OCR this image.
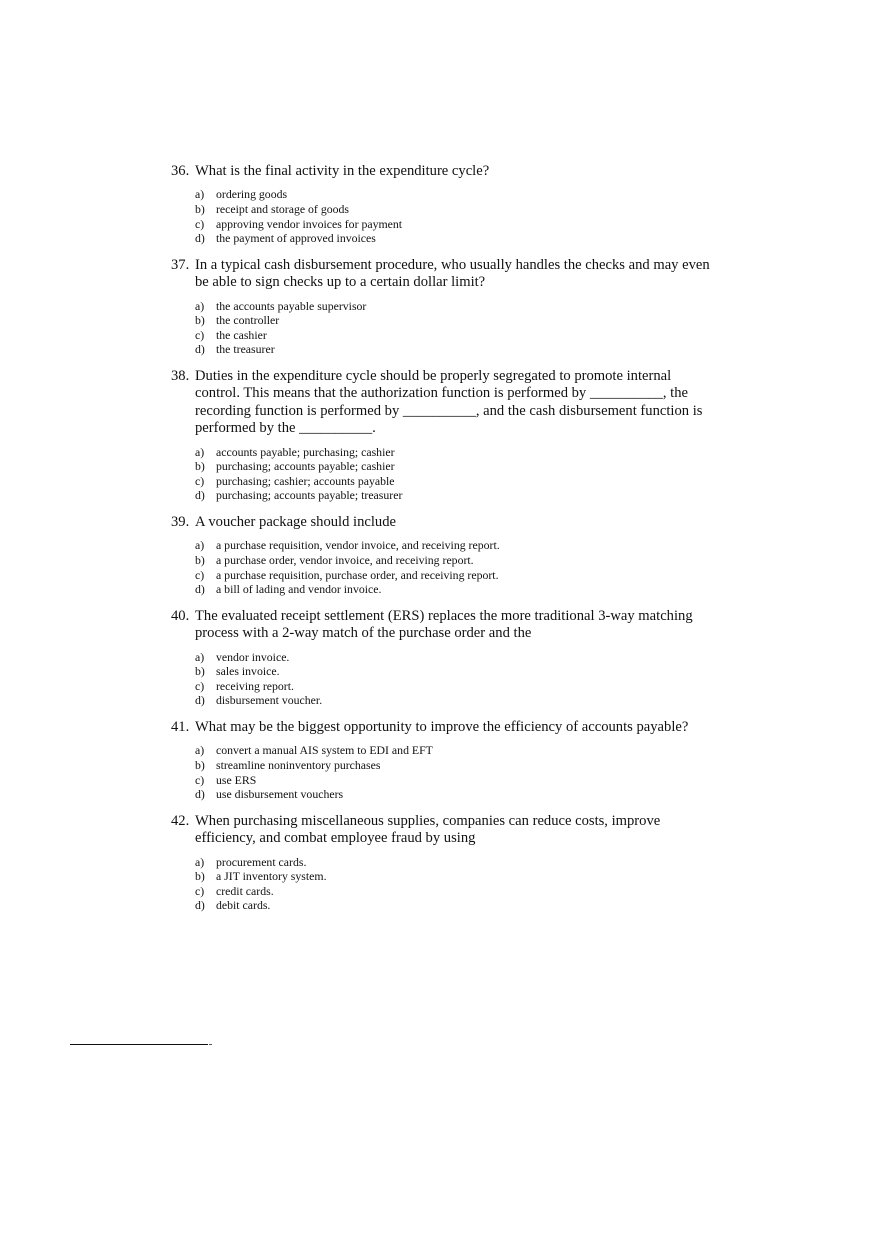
36. What is the final activity in the expenditure cycle?
a)	ordering goods
b) receipt and storage of goods
c)	approving vendor invoices for payment
d) the payment of approved invoices
37. In a typical cash disbursement procedure, who usually handles the checks and may even be able to sign checks up to a certain dollar limit?
a)	the accounts payable supervisor
b) the controller
c)	the cashier
d) the treasurer
38. Duties in the expenditure cycle should be properly segregated to promote internal control. This means that the authorization function is performed by __________, the recording function is performed by __________, and the cash disbursement function is performed by the __________.
a)	accounts payable; purchasing; cashier
b) purchasing; accounts payable; cashier
c)	purchasing; cashier; accounts payable
d) purchasing; accounts payable; treasurer
39. A voucher package should include
a)	a purchase requisition, vendor invoice, and receiving report.
b) a purchase order, vendor invoice, and receiving report.
c)	a purchase requisition, purchase order, and receiving report.
d) a bill of lading and vendor invoice.
40. The evaluated receipt settlement (ERS) replaces the more traditional 3-way matching process with a 2-way match of the purchase order and the
a)	vendor invoice.
b) sales invoice.
c)	receiving report.
d) disbursement voucher.
41. What may be the biggest opportunity to improve the efficiency of accounts payable?
a)	convert a manual AIS system to EDI and EFT
b) streamline noninventory purchases
c)	use ERS
d) use disbursement vouchers
42. When purchasing miscellaneous supplies, companies can reduce costs, improve efficiency, and combat employee fraud by using
a)	procurement cards.
b) a JIT inventory system.
c)	credit cards.
d) debit cards.
